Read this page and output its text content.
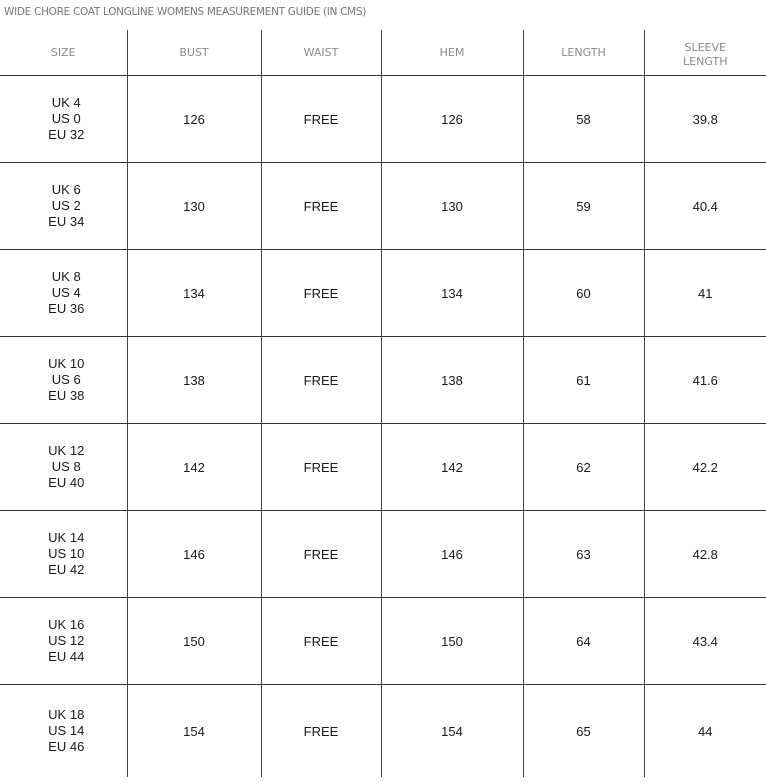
WIDE CHORE COAT LONGLINE WOMENS MEASUREMENT GUIDE (IN CMS)
SIZE	BUST	WAIST	HEM	LENGTH	SLEEVE
LENGTH

UK 4
US 0
EU 32	126	FREE	126	58	39.8

UK 6
US 2
EU 34	130	FREE	130	59	40.4

UK 8
US 4
EU 36	134	FREE	134	60	41

UK 10
US 6
EU 38	138	FREE	138	61	41.6

UK 12
US 8
EU 40	142	FREE	142	62	42.2

UK 14
US 10
EU 42	146	FREE	146	63	42.8

UK 16
US 12
EU 44	150	FREE	150	64	43.4

UK 18
US 14
EU 46	154	FREE	154	65	44
